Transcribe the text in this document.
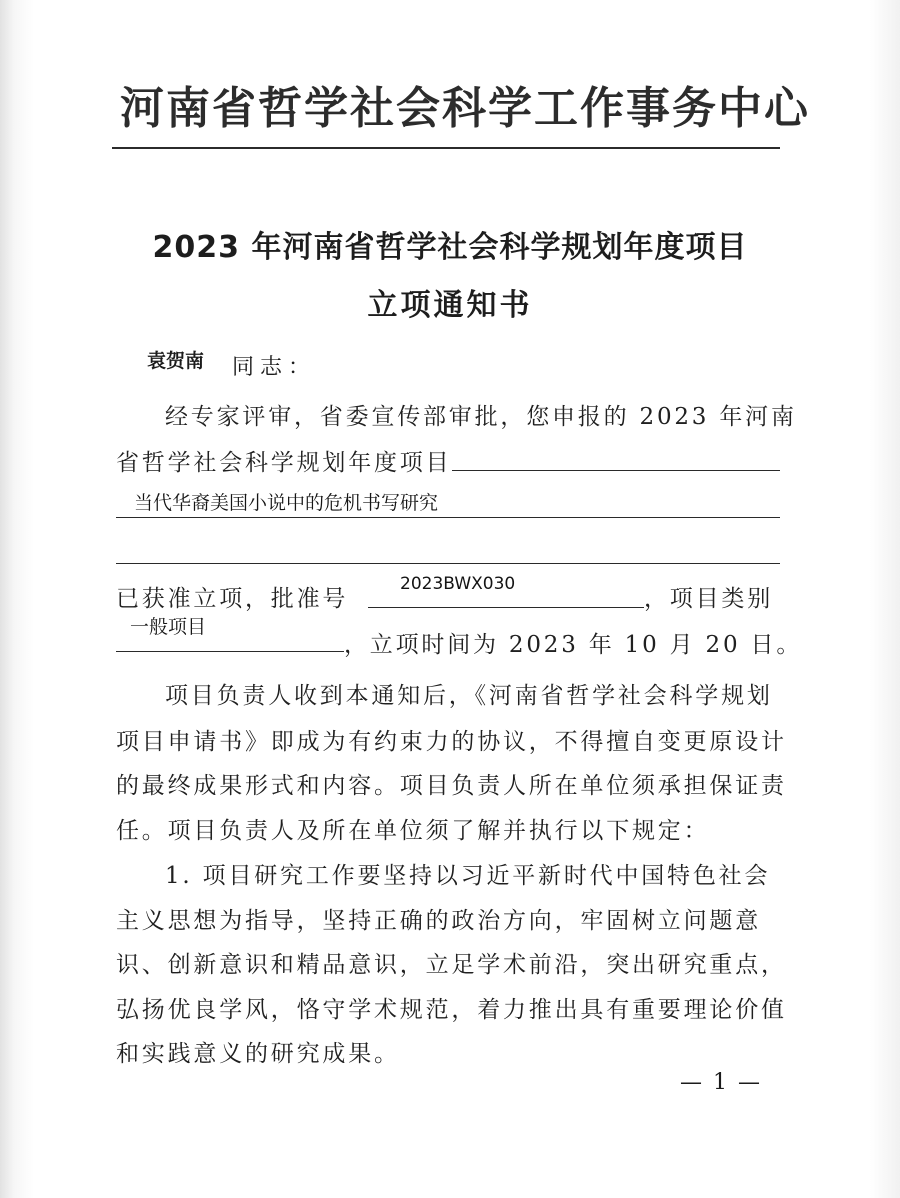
河南省哲学社会科学工作事务中心
2023 年河南省哲学社会科学规划年度项目
立项通知书
袁贺南 同志：
经专家评审，省委宣传部审批，您申报的 2023 年河南
省哲学社会科学规划年度项目
当代华裔美国小说中的危机书写研究
已获准立项，批准号
2023BWX030
，项目类别
一般项目
，立项时间为 2023 年 10 月 20 日。
项目负责人收到本通知后，《河南省哲学社会科学规划
项目申请书》即成为有约束力的协议，不得擅自变更原设计
的最终成果形式和内容。项目负责人所在单位须承担保证责
任。项目负责人及所在单位须了解并执行以下规定：
1. 项目研究工作要坚持以习近平新时代中国特色社会
主义思想为指导，坚持正确的政治方向，牢固树立问题意
识、创新意识和精品意识，立足学术前沿，突出研究重点，
弘扬优良学风，恪守学术规范，着力推出具有重要理论价值
和实践意义的研究成果。
— 1 —
